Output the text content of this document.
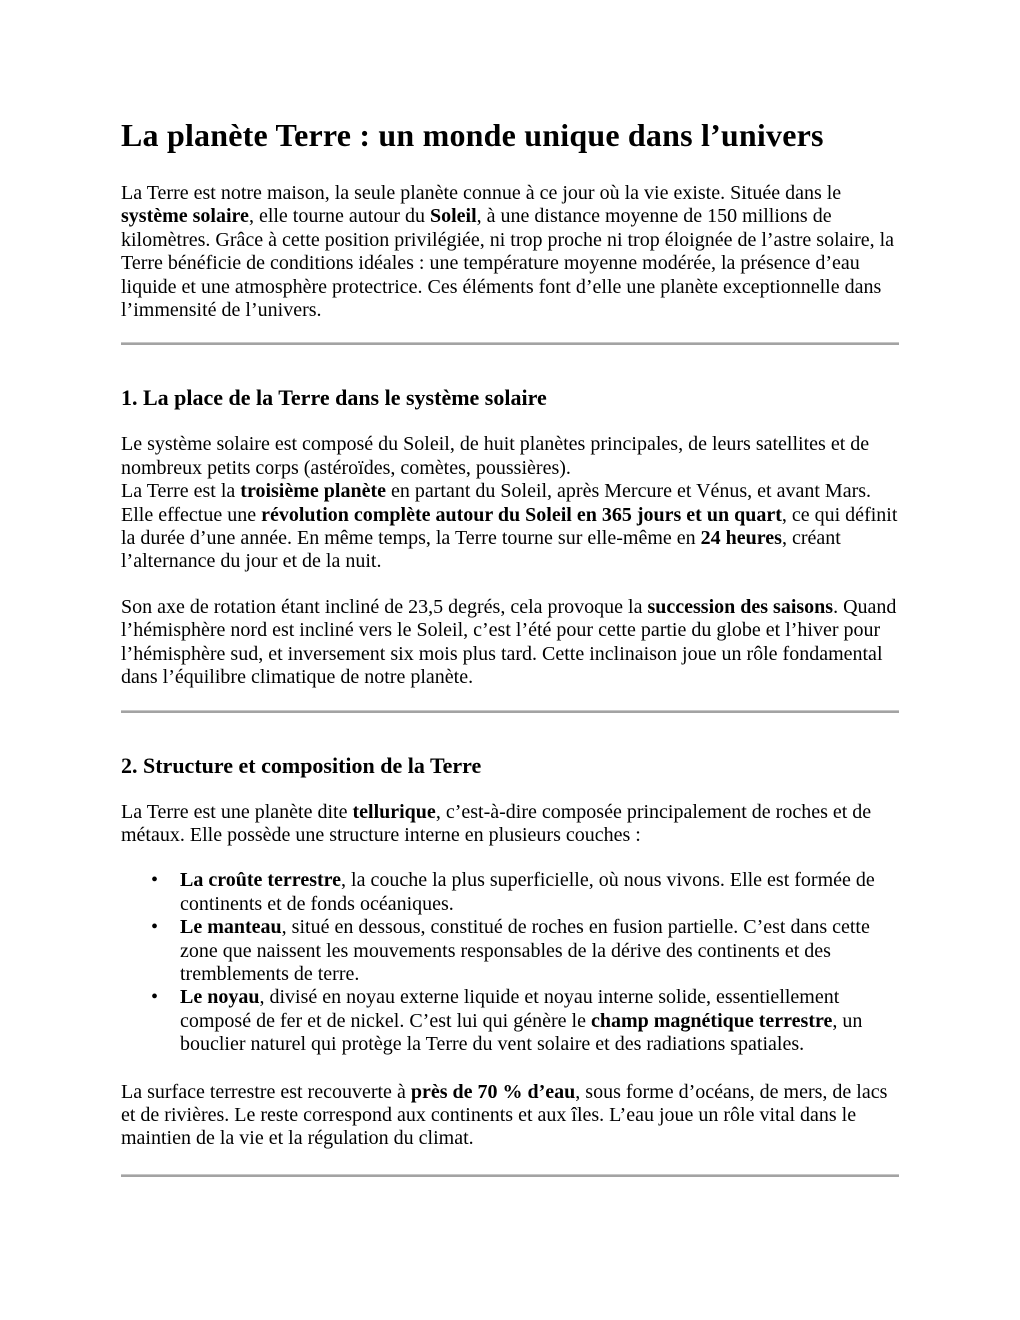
La planète Terre : un monde unique dans l’univers

La Terre est notre maison, la seule planète connue à ce jour où la vie existe. Située dans le système solaire, elle tourne autour du Soleil, à une distance moyenne de 150 millions de kilomètres. Grâce à cette position privilégiée, ni trop proche ni trop éloignée de l’astre solaire, la Terre bénéficie de conditions idéales : une température moyenne modérée, la présence d’eau liquide et une atmosphère protectrice. Ces éléments font d’elle une planète exceptionnelle dans l’immensité de l’univers.

1. La place de la Terre dans le système solaire

Le système solaire est composé du Soleil, de huit planètes principales, de leurs satellites et de nombreux petits corps (astéroïdes, comètes, poussières).
La Terre est la troisième planète en partant du Soleil, après Mercure et Vénus, et avant Mars. Elle effectue une révolution complète autour du Soleil en 365 jours et un quart, ce qui définit la durée d’une année. En même temps, la Terre tourne sur elle-même en 24 heures, créant l’alternance du jour et de la nuit.

Son axe de rotation étant incliné de 23,5 degrés, cela provoque la succession des saisons. Quand l’hémisphère nord est incliné vers le Soleil, c’est l’été pour cette partie du globe et l’hiver pour l’hémisphère sud, et inversement six mois plus tard. Cette inclinaison joue un rôle fondamental dans l’équilibre climatique de notre planète.

2. Structure et composition de la Terre

La Terre est une planète dite tellurique, c’est-à-dire composée principalement de roches et de métaux. Elle possède une structure interne en plusieurs couches :

• La croûte terrestre, la couche la plus superficielle, où nous vivons. Elle est formée de continents et de fonds océaniques.
• Le manteau, situé en dessous, constitué de roches en fusion partielle. C’est dans cette zone que naissent les mouvements responsables de la dérive des continents et des tremblements de terre.
• Le noyau, divisé en noyau externe liquide et noyau interne solide, essentiellement composé de fer et de nickel. C’est lui qui génère le champ magnétique terrestre, un bouclier naturel qui protège la Terre du vent solaire et des radiations spatiales.

La surface terrestre est recouverte à près de 70 % d’eau, sous forme d’océans, de mers, de lacs et de rivières. Le reste correspond aux continents et aux îles. L’eau joue un rôle vital dans le maintien de la vie et la régulation du climat.
